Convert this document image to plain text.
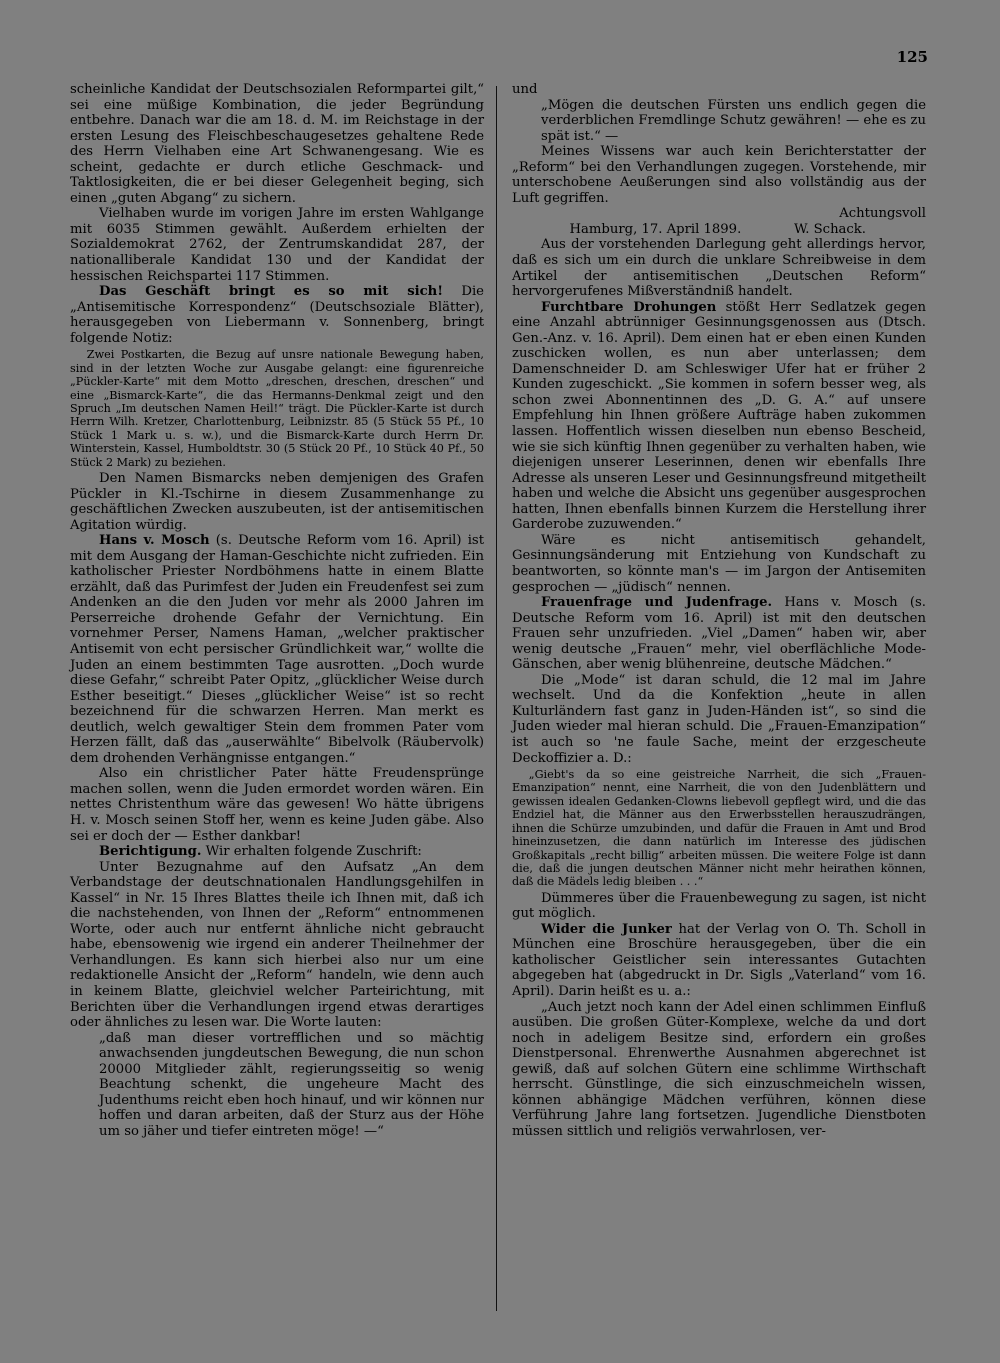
125

scheinliche Kandidat der Deutschsozialen Reformpartei gilt,“ sei eine müßige Kombination, die jeder Begründung entbehre. Danach war die am 18. d. M. im Reichstage in der ersten Lesung des Fleischbeschaugesetzes gehaltene Rede des Herrn Vielhaben eine Art Schwanengesang. Wie es scheint, gedachte er durch etliche Geschmack- und Taktlosigkeiten, die er bei dieser Gelegenheit beging, sich einen „guten Abgang“ zu sichern.

Vielhaben wurde im vorigen Jahre im ersten Wahlgange mit 6035 Stimmen gewählt. Außerdem erhielten der Sozialdemokrat 2762, der Zentrumskandidat 287, der nationalliberale Kandidat 130 und der Kandidat der hessischen Reichspartei 117 Stimmen.

Das Geschäft bringt es so mit sich! Die „Antisemitische Korrespondenz“ (Deutschsoziale Blätter), herausgegeben von Liebermann v. Sonnenberg, bringt folgende Notiz:

Zwei Postkarten, die Bezug auf unsre nationale Bewegung haben, sind in der letzten Woche zur Ausgabe gelangt: eine figurenreiche „Pückler-Karte“ mit dem Motto „dreschen, dreschen, dreschen“ und eine „Bismarck-Karte“, die das Hermanns-Denkmal zeigt und den Spruch „Im deutschen Namen Heil!“ trägt. Die Pückler-Karte ist durch Herrn Wilh. Kretzer, Charlottenburg, Leibnizstr. 85 (5 Stück 55 Pf., 10 Stück 1 Mark u. s. w.), und die Bismarck-Karte durch Herrn Dr. Winterstein, Kassel, Humboldtstr. 30 (5 Stück 20 Pf., 10 Stück 40 Pf., 50 Stück 2 Mark) zu beziehen.

Den Namen Bismarcks neben demjenigen des Grafen Pückler in Kl.-Tschirne in diesem Zusammenhange zu geschäftlichen Zwecken auszubeuten, ist der antisemitischen Agitation würdig.

Hans v. Mosch (s. Deutsche Reform vom 16. April) ist mit dem Ausgang der Haman-Geschichte nicht zufrieden. Ein katholischer Priester Nordböhmens hatte in einem Blatte erzählt, daß das Purimfest der Juden ein Freudenfest sei zum Andenken an die den Juden vor mehr als 2000 Jahren im Perserreiche drohende Gefahr der Vernichtung. Ein vornehmer Perser, Namens Haman, „welcher praktischer Antisemit von echt persischer Gründlichkeit war,“ wollte die Juden an einem bestimmten Tage ausrotten. „Doch wurde diese Gefahr,“ schreibt Pater Opitz, „glücklicher Weise durch Esther beseitigt.“ Dieses „glücklicher Weise“ ist so recht bezeichnend für die schwarzen Herren. Man merkt es deutlich, welch gewaltiger Stein dem frommen Pater vom Herzen fällt, daß das „auserwählte“ Bibelvolk (Räubervolk) dem drohenden Verhängnisse entgangen.“

Also ein christlicher Pater hätte Freudensprünge machen sollen, wenn die Juden ermordet worden wären. Ein nettes Christenthum wäre das gewesen! Wo hätte übrigens H. v. Mosch seinen Stoff her, wenn es keine Juden gäbe. Also sei er doch der — Esther dankbar!

Berichtigung. Wir erhalten folgende Zuschrift:

Unter Bezugnahme auf den Aufsatz „An dem Verbandstage der deutschnationalen Handlungsgehilfen in Kassel“ in Nr. 15 Ihres Blattes theile ich Ihnen mit, daß ich die nachstehenden, von Ihnen der „Reform“ entnommenen Worte, oder auch nur entfernt ähnliche nicht gebraucht habe, ebensowenig wie irgend ein anderer Theilnehmer der Verhandlungen. Es kann sich hierbei also nur um eine redaktionelle Ansicht der „Reform“ handeln, wie denn auch in keinem Blatte, gleichviel welcher Parteirichtung, mit Berichten über die Verhandlungen irgend etwas derartiges oder ähnliches zu lesen war. Die Worte lauten:

„daß man dieser vortrefflichen und so mächtig anwachsenden jungdeutschen Bewegung, die nun schon 20000 Mitglieder zählt, regierungsseitig so wenig Beachtung schenkt, die ungeheure Macht des Judenthums reicht eben hoch hinauf, und wir können nur hoffen und daran arbeiten, daß der Sturz aus der Höhe um so jäher und tiefer eintreten möge! —“

und

„Mögen die deutschen Fürsten uns endlich gegen die verderblichen Fremdlinge Schutz gewähren! — ehe es zu spät ist.“ —

Meines Wissens war auch kein Berichterstatter der „Reform“ bei den Verhandlungen zugegen. Vorstehende, mir unterschobene Aeußerungen sind also vollständig aus der Luft gegriffen.

Achtungsvoll

Hamburg, 17. April 1899.    W. Schack.

Aus der vorstehenden Darlegung geht allerdings hervor, daß es sich um ein durch die unklare Schreibweise in dem Artikel der antisemitischen „Deutschen Reform“ hervorgerufenes Mißverständniß handelt.

Furchtbare Drohungen stößt Herr Sedlatzek gegen eine Anzahl abtrünniger Gesinnungsgenossen aus (Dtsch. Gen.-Anz. v. 16. April). Dem einen hat er eben einen Kunden zuschicken wollen, es nun aber unterlassen; dem Damenschneider D. am Schleswiger Ufer hat er früher 2 Kunden zugeschickt. „Sie kommen in sofern besser weg, als schon zwei Abonnentinnen des „D. G. A.“ auf unsere Empfehlung hin Ihnen größere Aufträge haben zukommen lassen. Hoffentlich wissen dieselben nun ebenso Bescheid, wie sie sich künftig Ihnen gegenüber zu verhalten haben, wie diejenigen unserer Leserinnen, denen wir ebenfalls Ihre Adresse als unseren Leser und Gesinnungsfreund mitgetheilt haben und welche die Absicht uns gegenüber ausgesprochen hatten, Ihnen ebenfalls binnen Kurzem die Herstellung ihrer Garderobe zuzuwenden.“

Wäre es nicht antisemitisch gehandelt, Gesinnungsänderung mit Entziehung von Kundschaft zu beantworten, so könnte man's — im Jargon der Antisemiten gesprochen — „jüdisch“ nennen.

Frauenfrage und Judenfrage. Hans v. Mosch (s. Deutsche Reform vom 16. April) ist mit den deutschen Frauen sehr unzufrieden. „Viel „Damen“ haben wir, aber wenig deutsche „Frauen“ mehr, viel oberflächliche Mode-Gänschen, aber wenig blühenreine, deutsche Mädchen.“

Die „Mode“ ist daran schuld, die 12 mal im Jahre wechselt. Und da die Konfektion „heute in allen Kulturländern fast ganz in Juden-Händen ist“, so sind die Juden wieder mal hieran schuld. Die „Frauen-Emanzipation“ ist auch so 'ne faule Sache, meint der erzgescheute Deckoffizier a. D.:

„Giebt's da so eine geistreiche Narrheit, die sich „Frauen-Emanzipation“ nennt, eine Narrheit, die von den Judenblättern und gewissen idealen Gedanken-Clowns liebevoll gepflegt wird, und die das Endziel hat, die Männer aus den Erwerbsstellen herauszudrängen, ihnen die Schürze umzubinden, und dafür die Frauen in Amt und Brod hineinzusetzen, die dann natürlich im Interesse des jüdischen Großkapitals „recht billig“ arbeiten müssen. Die weitere Folge ist dann die, daß die jungen deutschen Männer nicht mehr heirathen können, daß die Mädels ledig bleiben . . .“

Dümmeres über die Frauenbewegung zu sagen, ist nicht gut möglich.

Wider die Junker hat der Verlag von O. Th. Scholl in München eine Broschüre herausgegeben, über die ein katholischer Geistlicher sein interessantes Gutachten abgegeben hat (abgedruckt in Dr. Sigls „Vaterland“ vom 16. April). Darin heißt es u. a.:

„Auch jetzt noch kann der Adel einen schlimmen Einfluß ausüben. Die großen Güter-Komplexe, welche da und dort noch in adeligem Besitze sind, erfordern ein großes Dienstpersonal. Ehrenwerthe Ausnahmen abgerechnet ist gewiß, daß auf solchen Gütern eine schlimme Wirthschaft herrscht. Günstlinge, die sich einzuschmeicheln wissen, können abhängige Mädchen verführen, können diese Verführung Jahre lang fortsetzen. Jugendliche Dienstboten müssen sittlich und religiös verwahrlosen, ver-
